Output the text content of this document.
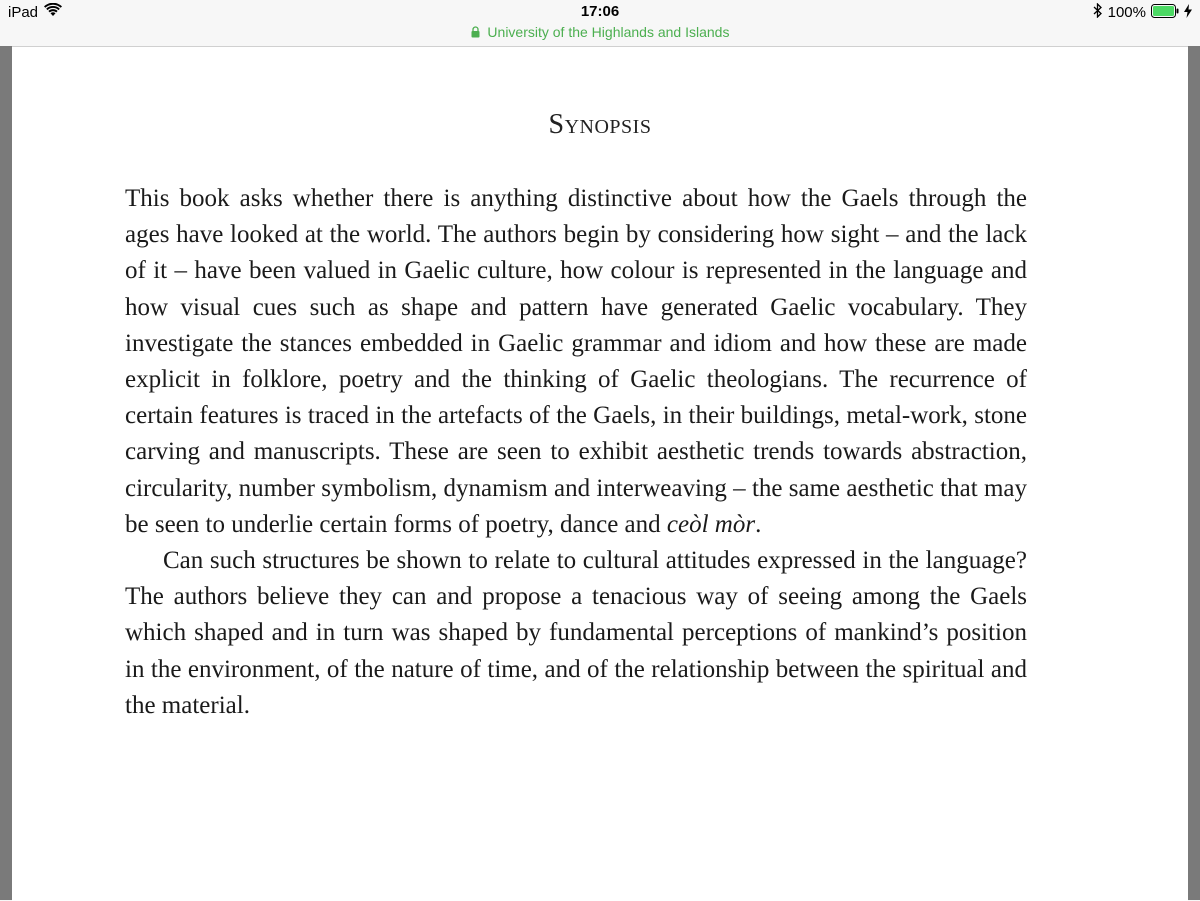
iPad	17:06	100%
University of the Highlands and Islands
Synopsis

This book asks whether there is anything distinctive about how the Gaels through the ages have looked at the world. The authors begin by considering how sight – and the lack of it – have been valued in Gaelic culture, how colour is represented in the language and how visual cues such as shape and pattern have generated Gaelic vocabulary. They investigate the stances embedded in Gaelic grammar and idiom and how these are made explicit in folklore, poetry and the thinking of Gaelic theologians. The recurrence of certain features is traced in the artefacts of the Gaels, in their buildings, metal-work, stone carving and manuscripts. These are seen to exhibit aesthetic trends towards abstraction, circularity, number symbolism, dynamism and interweaving – the same aesthetic that may be seen to underlie certain forms of poetry, dance and ceòl mòr.

Can such structures be shown to relate to cultural attitudes expressed in the language? The authors believe they can and propose a tenacious way of seeing among the Gaels which shaped and in turn was shaped by fundamental perceptions of mankind’s position in the environment, of the nature of time, and of the relationship between the spiritual and the material.
